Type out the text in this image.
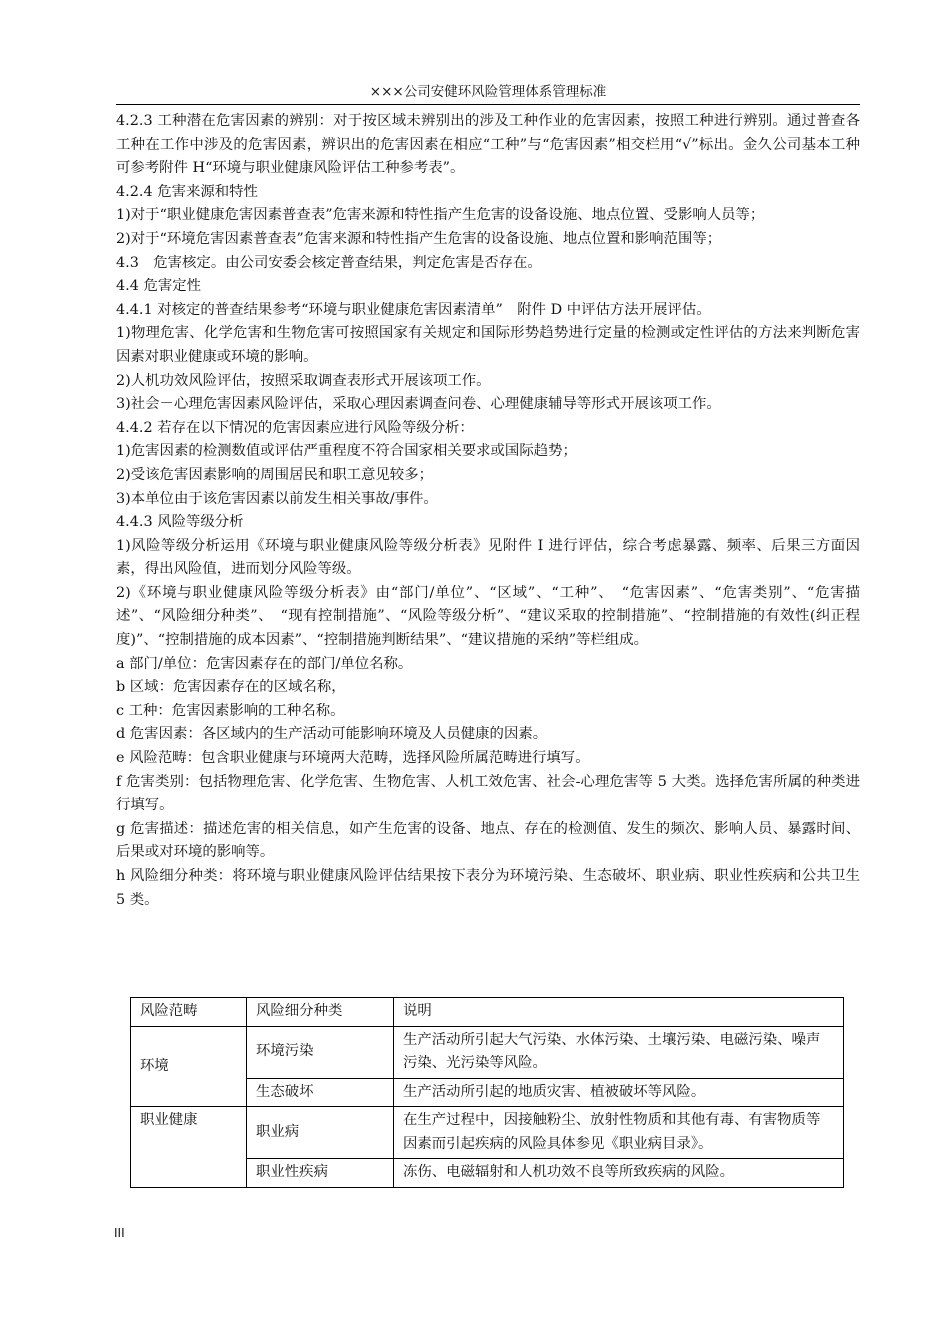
×××公司安健环风险管理体系管理标准

4.2.3 工种潜在危害因素的辨别：对于按区域未辨别出的涉及工种作业的危害因素，按照工种进行辨别。通过普查各工种在工作中涉及的危害因素，辨识出的危害因素在相应“工种”与“危害因素”相交栏用“√”标出。金久公司基本工种可参考附件 H“环境与职业健康风险评估工种参考表”。

4.2.4 危害来源和特性

1)对于“职业健康危害因素普查表”危害来源和特性指产生危害的设备设施、地点位置、受影响人员等；

2)对于“环境危害因素普查表”危害来源和特性指产生危害的设备设施、地点位置和影响范围等；

4.3　危害核定。由公司安委会核定普查结果，判定危害是否存在。

4.4 危害定性

4.4.1 对核定的普查结果参考“环境与职业健康危害因素清单”　附件 D 中评估方法开展评估。

1)物理危害、化学危害和生物危害可按照国家有关规定和国际形势趋势进行定量的检测或定性评估的方法来判断危害因素对职业健康或环境的影响。

2)人机功效风险评估，按照采取调查表形式开展该项工作。

3)社会－心理危害因素风险评估，采取心理因素调查问卷、心理健康辅导等形式开展该项工作。

4.4.2 若存在以下情况的危害因素应进行风险等级分析：

1)危害因素的检测数值或评估严重程度不符合国家相关要求或国际趋势；

2)受该危害因素影响的周围居民和职工意见较多；

3)本单位由于该危害因素以前发生相关事故/事件。

4.4.3 风险等级分析

1)风险等级分析运用《环境与职业健康风险等级分析表》见附件 I 进行评估，综合考虑暴露、频率、后果三方面因素，得出风险值，进而划分风险等级。

2)《环境与职业健康风险等级分析表》由“部门/单位”、“区域”、“工种”、　“危害因素”、“危害类别”、“危害描述”、“风险细分种类”、　“现有控制措施”、“风险等级分析”、“建议采取的控制措施”、“控制措施的有效性(纠正程度)”、“控制措施的成本因素”、“控制措施判断结果”、“建议措施的采纳”等栏组成。

a 部门/单位：危害因素存在的部门/单位名称。

b 区域：危害因素存在的区域名称，

c 工种：危害因素影响的工种名称。

d 危害因素：各区域内的生产活动可能影响环境及人员健康的因素。

e 风险范畴：包含职业健康与环境两大范畴，选择风险所属范畴进行填写。

f 危害类别：包括物理危害、化学危害、生物危害、人机工效危害、社会-心理危害等 5 大类。选择危害所属的种类进行填写。

g 危害描述：描述危害的相关信息，如产生危害的设备、地点、存在的检测值、发生的频次、影响人员、暴露时间、后果或对环境的影响等。

h 风险细分种类：将环境与职业健康风险评估结果按下表分为环境污染、生态破坏、职业病、职业性疾病和公共卫生 5 类。

风险范畴	风险细分种类	说明
环境	环境污染	生产活动所引起大气污染、水体污染、土壤污染、电磁污染、噪声污染、光污染等风险。
	生态破坏	生产活动所引起的地质灾害、植被破坏等风险。
职业健康	职业病	在生产过程中，因接触粉尘、放射性物质和其他有毒、有害物质等因素而引起疾病的风险具体参见《职业病目录》。
	职业性疾病	冻伤、电磁辐射和人机功效不良等所致疾病的风险。
III
